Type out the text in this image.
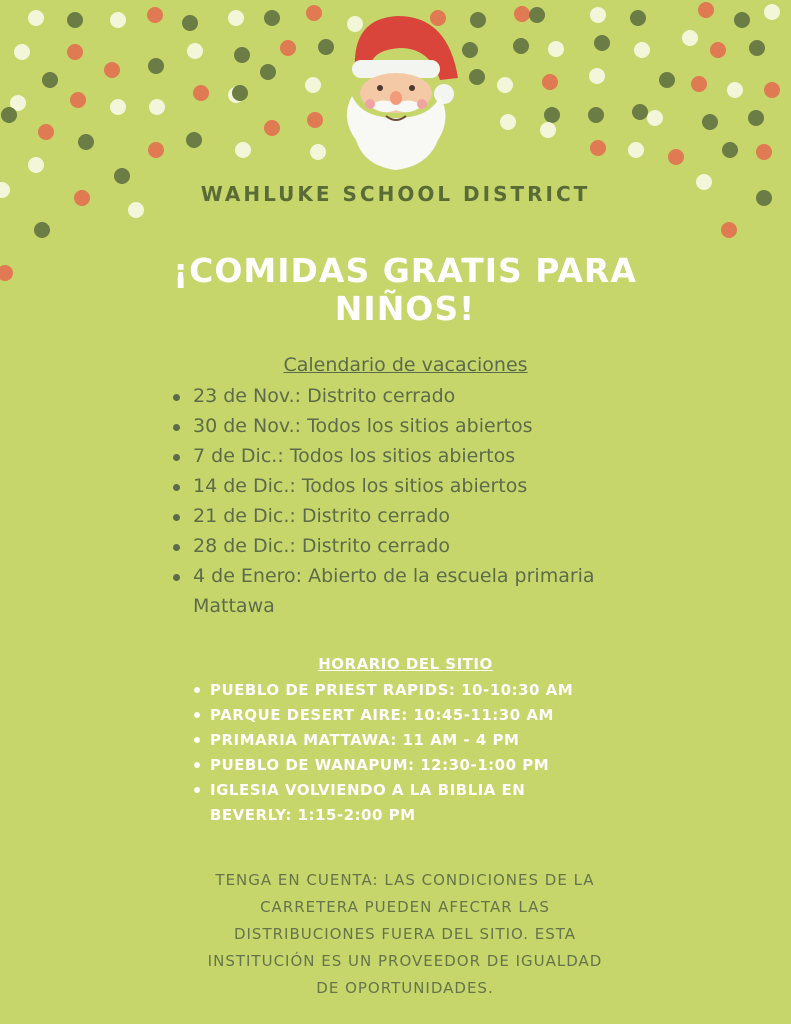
WAHLUKE SCHOOL DISTRICT
¡COMIDAS GRATIS PARA
NIÑOS!
Calendario de vacaciones
23 de Nov.: Distrito cerrado
30 de Nov.: Todos los sitios abiertos
7 de Dic.: Todos los sitios abiertos
14 de Dic.: Todos los sitios abiertos
21 de Dic.: Distrito cerrado
28 de Dic.: Distrito cerrado
4 de Enero: Abierto de la escuela primaria
Mattawa
HORARIO DEL SITIO
PUEBLO DE PRIEST RAPIDS: 10-10:30 AM
PARQUE DESERT AIRE: 10:45-11:30 AM
PRIMARIA MATTAWA: 11 AM - 4 PM
PUEBLO DE WANAPUM: 12:30-1:00 PM
IGLESIA VOLVIENDO A LA BIBLIA EN
BEVERLY: 1:15-2:00 PM
TENGA EN CUENTA: LAS CONDICIONES DE LA
CARRETERA PUEDEN AFECTAR LAS
DISTRIBUCIONES FUERA DEL SITIO. ESTA
INSTITUCIÓN ES UN PROVEEDOR DE IGUALDAD
DE OPORTUNIDADES.
